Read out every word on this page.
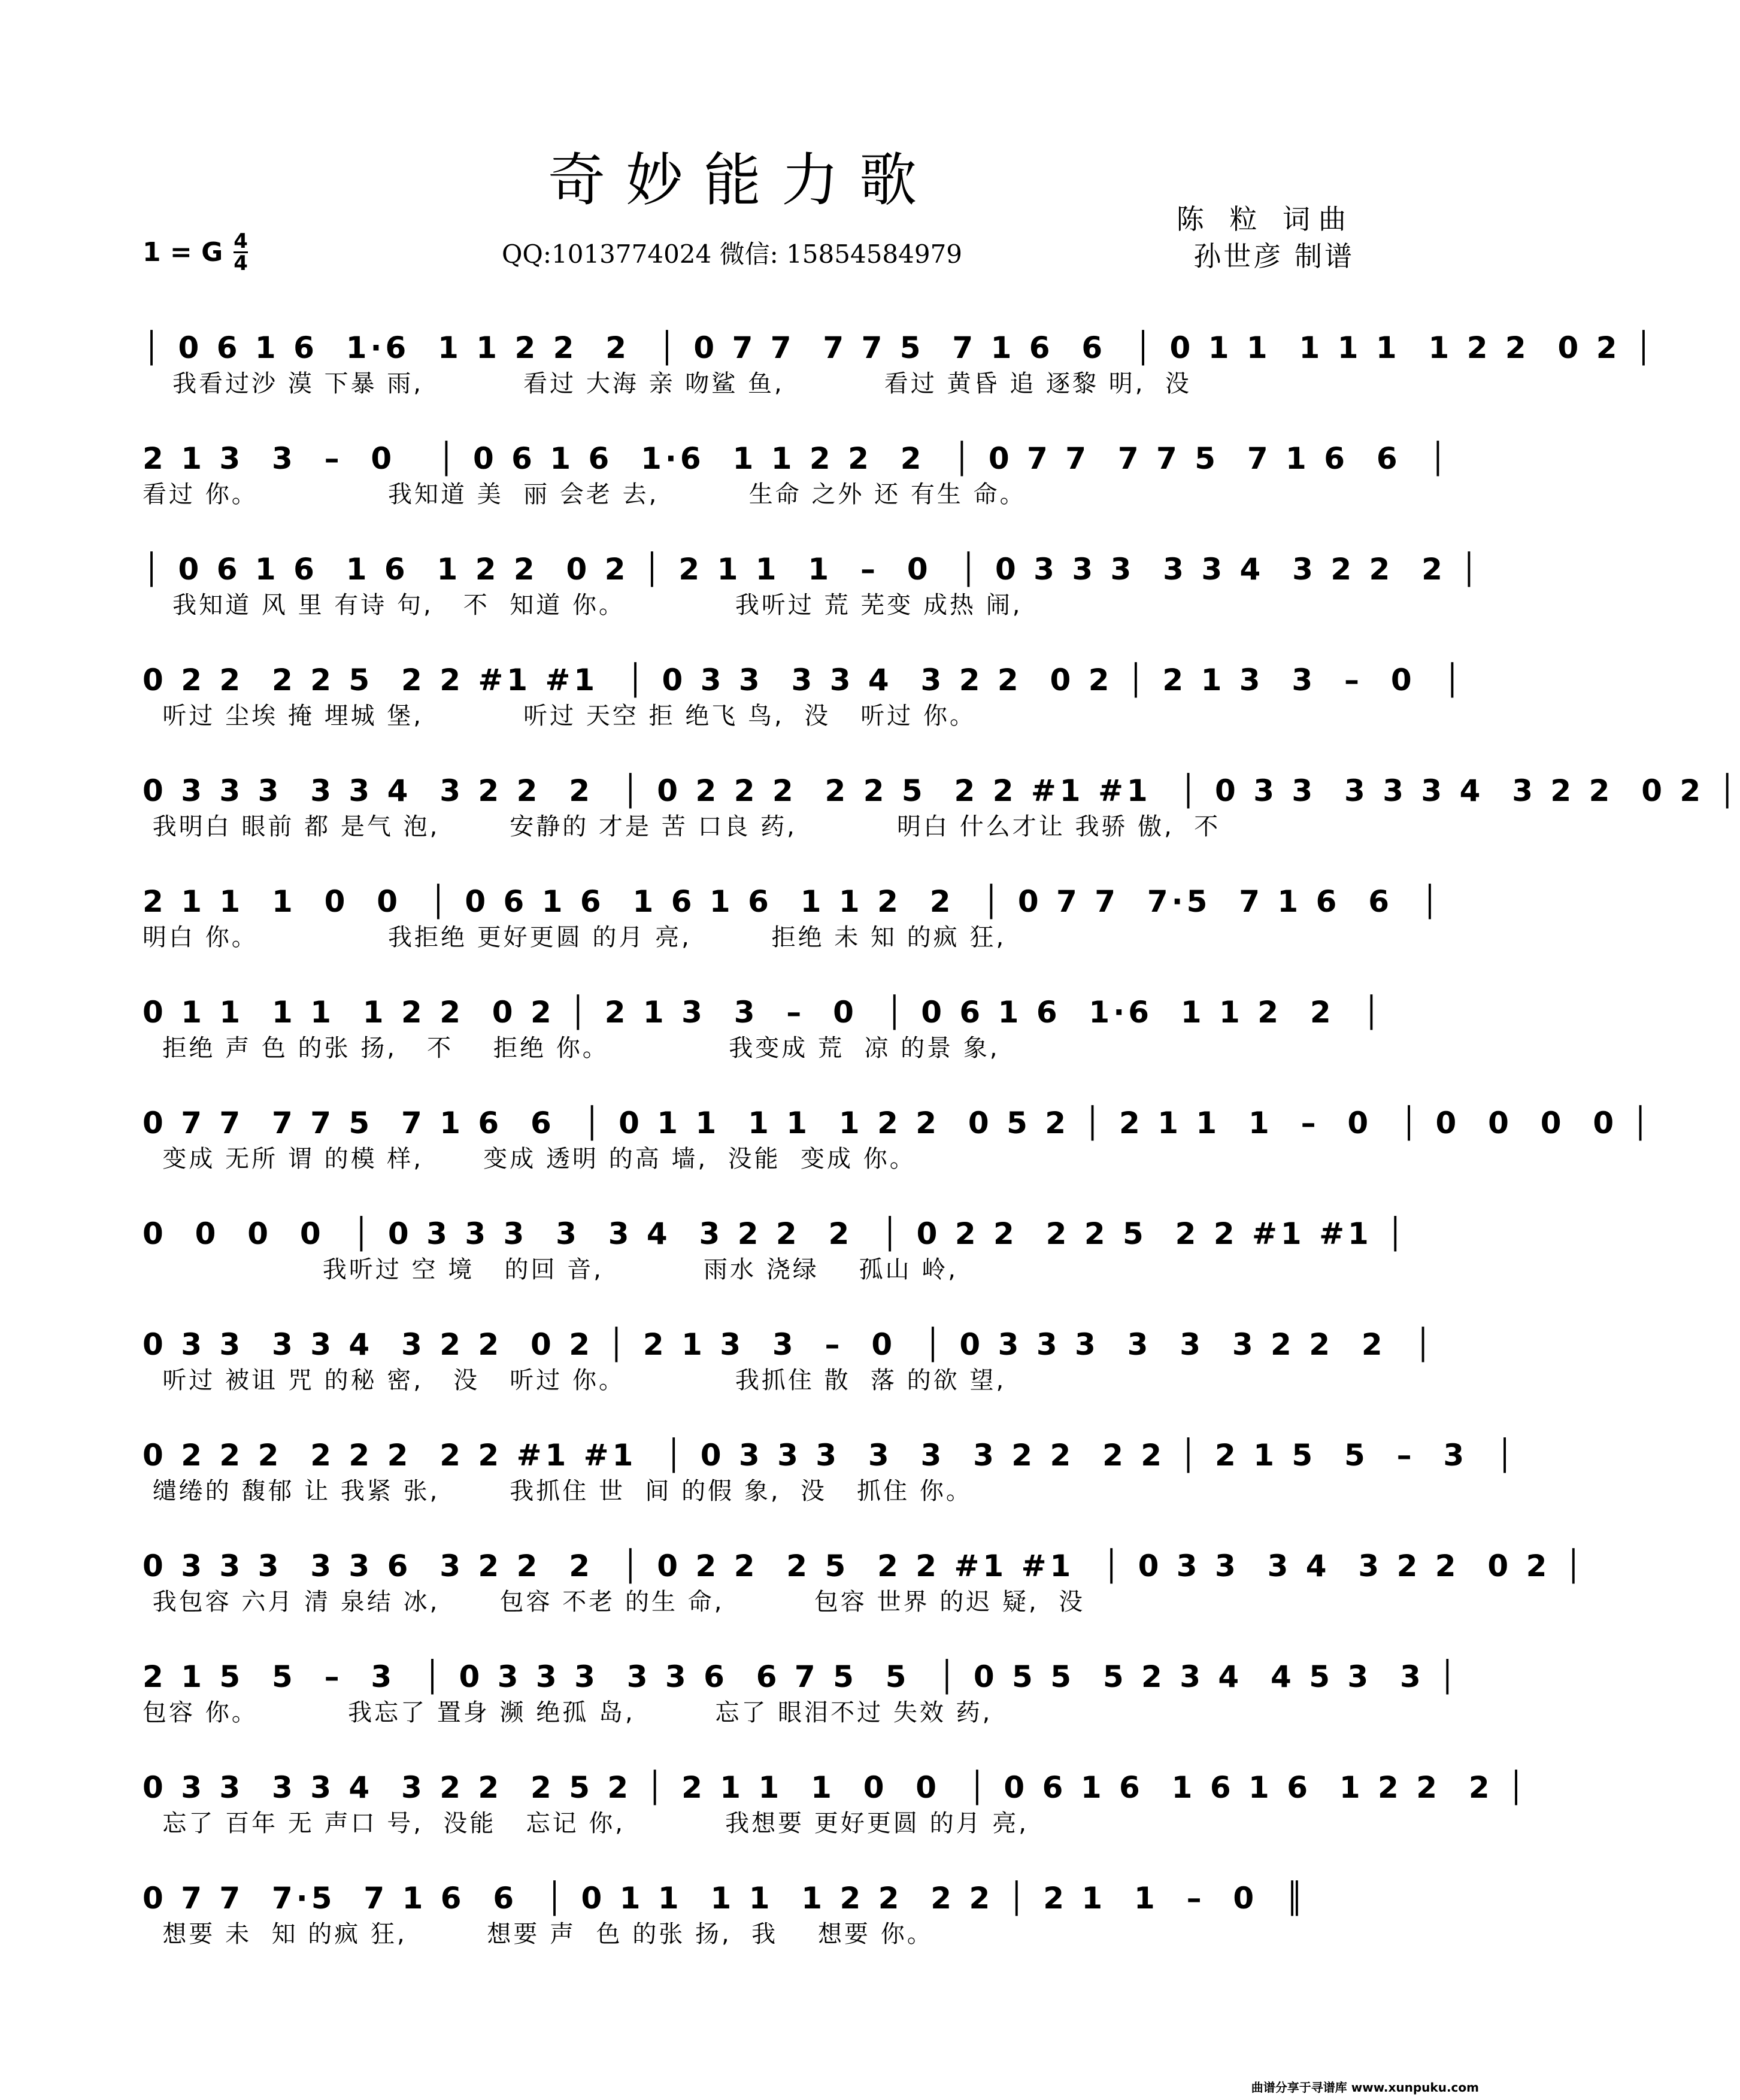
奇妙能力歌
陈 粒 词曲
孙世彦 制谱
QQ:1013774024 微信: 15854584979
1 = G 4
4
│ 0 6 1 6  1·6  1 1 2 2  2  │ 0 7 7  7 7 5  7 1 6  6  │ 0 1 1  1 1 1  1 2 2  0 2 │
我看过沙 漠 下暴 雨,          看过 大海 亲 吻鲨 鱼,          看过 黄昏 追 逐黎 明,  没
2 1 3  3  –  0   │ 0 6 1 6  1·6  1 1 2 2  2  │ 0 7 7  7 7 5  7 1 6  6  │
看过 你。             我知道 美  丽 会老 去,         生命 之外 还 有生 命。
│ 0 6 1 6  1 6  1 2 2  0 2 │ 2 1 1  1  –  0  │ 0 3 3 3  3 3 4  3 2 2  2 │
我知道 风 里 有诗 句,   不  知道 你。           我听过 荒 芜变 成热 闹,
0 2 2  2 2 5  2 2 #1 #1  │ 0 3 3  3 3 4  3 2 2  0 2 │ 2 1 3  3  –  0  │
听过 尘埃 掩 埋城 堡,          听过 天空 拒 绝飞 鸟,  没   听过 你。
0 3 3 3  3 3 4  3 2 2  2  │ 0 2 2 2  2 2 5  2 2 #1 #1  │ 0 3 3  3 3 3 4  3 2 2  0 2 │
我明白 眼前 都 是气 泡,       安静的 才是 苦 口良 药,          明白 什么才让 我骄 傲,  不
2 1 1  1  0  0  │ 0 6 1 6  1 6 1 6  1 1 2  2  │ 0 7 7  7·5  7 1 6  6  │
明白 你。             我拒绝 更好更圆 的月 亮,        拒绝 未 知 的疯 狂,
0 1 1  1 1  1 2 2  0 2 │ 2 1 3  3  –  0  │ 0 6 1 6  1·6  1 1 2  2  │
拒绝 声 色 的张 扬,   不    拒绝 你。            我变成 荒  凉 的景 象,
0 7 7  7 7 5  7 1 6  6  │ 0 1 1  1 1  1 2 2  0 5 2 │ 2 1 1  1  –  0  │ 0  0  0  0 │
变成 无所 谓 的模 样,      变成 透明 的高 墙,  没能  变成 你。
0  0  0  0  │ 0 3 3 3  3  3 4  3 2 2  2  │ 0 2 2  2 2 5  2 2 #1 #1 │
我听过 空 境   的回 音,          雨水 浇绿    孤山 岭,
0 3 3  3 3 4  3 2 2  0 2 │ 2 1 3  3  –  0  │ 0 3 3 3  3  3  3 2 2  2  │
听过 被诅 咒 的秘 密,   没   听过 你。           我抓住 散  落 的欲 望,
0 2 2 2  2 2 2  2 2 #1 #1  │ 0 3 3 3  3  3  3 2 2  2 2 │ 2 1 5  5  –  3  │
缱绻的 馥郁 让 我紧 张,       我抓住 世  间 的假 象,  没   抓住 你。
0 3 3 3  3 3 6  3 2 2  2  │ 0 2 2  2 5  2 2 #1 #1  │ 0 3 3  3 4  3 2 2  0 2 │
我包容 六月 清 泉结 冰,      包容 不老 的生 命,         包容 世界 的迟 疑,  没
2 1 5  5  –  3  │ 0 3 3 3  3 3 6  6 7 5  5  │ 0 5 5  5 2 3 4  4 5 3  3 │
包容 你。         我忘了 置身 濒 绝孤 岛,        忘了 眼泪不过 失效 药,
0 3 3  3 3 4  3 2 2  2 5 2 │ 2 1 1  1  0  0  │ 0 6 1 6  1 6 1 6  1 2 2  2 │
忘了 百年 无 声口 号,  没能   忘记 你,          我想要 更好更圆 的月 亮,
0 7 7  7·5  7 1 6  6  │ 0 1 1  1 1  1 2 2  2 2 │ 2 1  1  –  0  ║
想要 未  知 的疯 狂,        想要 声  色 的张 扬,  我    想要 你。
曲谱分享于寻谱库 www.xunpuku.com
